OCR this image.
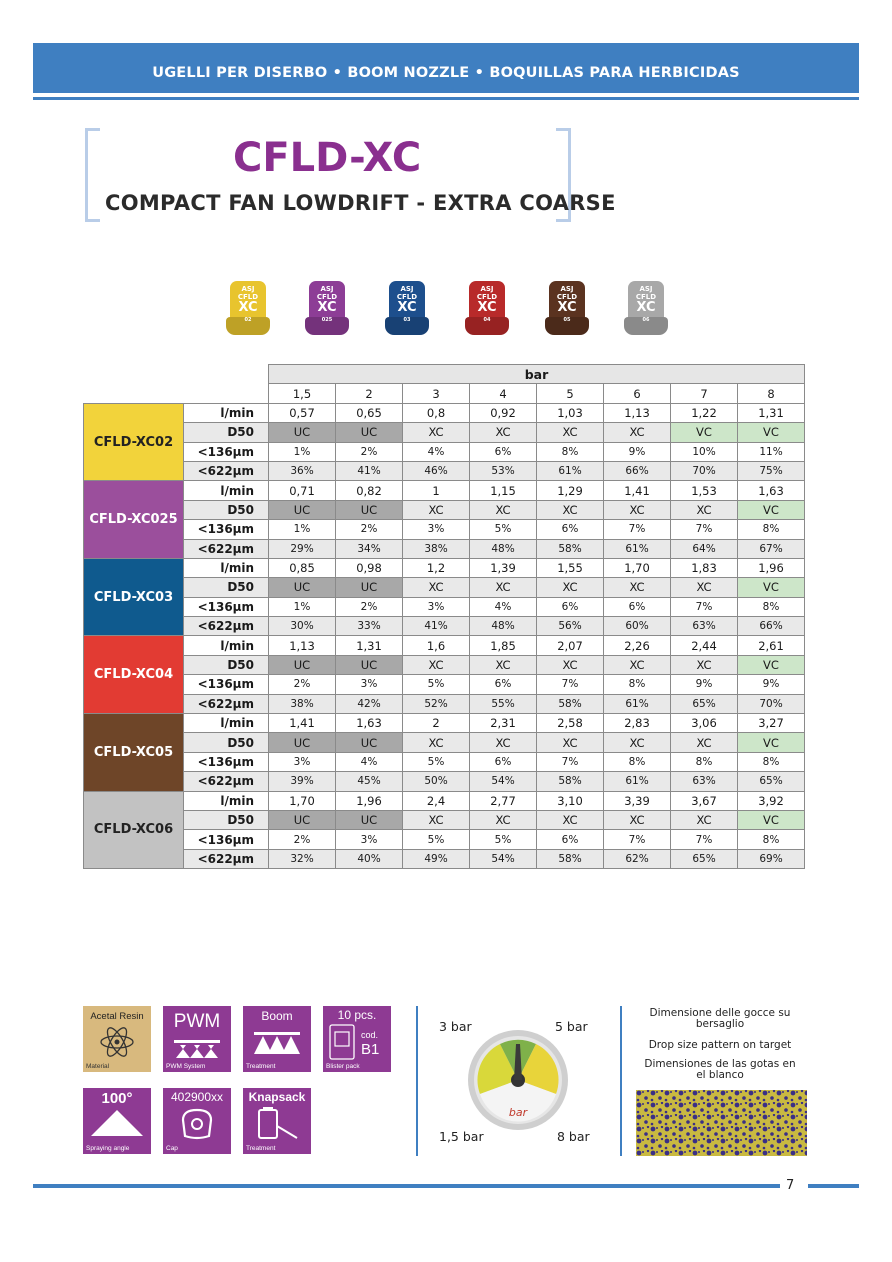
UGELLI PER DISERBO • BOOM NOZZLE • BOQUILLAS PARA HERBICIDAS
CFLD-XC
COMPACT FAN LOWDRIFT - EXTRA COARSE
ASJ
CFLD
XC
02
ASJ
CFLD
XC
025
ASJ
CFLD
XC
03
ASJ
CFLD
XC
04
ASJ
CFLD
XC
05
ASJ
CFLD
XC
06
		bar							
		1,5	2	3	4	5	6	7	8
CFLD-XC02	l/min	0,57	0,65	0,8	0,92	1,03	1,13	1,22	1,31
	D50	UC	UC	XC	XC	XC	XC	VC	VC
	<136µm	1%	2%	4%	6%	8%	9%	10%	11%
	<622µm	36%	41%	46%	53%	61%	66%	70%	75%
CFLD-XC025	l/min	0,71	0,82	1	1,15	1,29	1,41	1,53	1,63
	D50	UC	UC	XC	XC	XC	XC	XC	VC
	<136µm	1%	2%	3%	5%	6%	7%	7%	8%
	<622µm	29%	34%	38%	48%	58%	61%	64%	67%
CFLD-XC03	l/min	0,85	0,98	1,2	1,39	1,55	1,70	1,83	1,96
	D50	UC	UC	XC	XC	XC	XC	XC	VC
	<136µm	1%	2%	3%	4%	6%	6%	7%	8%
	<622µm	30%	33%	41%	48%	56%	60%	63%	66%
CFLD-XC04	l/min	1,13	1,31	1,6	1,85	2,07	2,26	2,44	2,61
	D50	UC	UC	XC	XC	XC	XC	XC	VC
	<136µm	2%	3%	5%	6%	7%	8%	9%	9%
	<622µm	38%	42%	52%	55%	58%	61%	65%	70%
CFLD-XC05	l/min	1,41	1,63	2	2,31	2,58	2,83	3,06	3,27
	D50	UC	UC	XC	XC	XC	XC	XC	VC
	<136µm	3%	4%	5%	6%	7%	8%	8%	8%
	<622µm	39%	45%	50%	54%	58%	61%	63%	65%
CFLD-XC06	l/min	1,70	1,96	2,4	2,77	3,10	3,39	3,67	3,92
	D50	UC	UC	XC	XC	XC	XC	XC	VC
	<136µm	2%	3%	5%	5%	6%	7%	7%	8%
	<622µm	32%	40%	49%	54%	58%	62%	65%	69%
Acetal Resin
Material
PWM
PWM System
Boom
Treatment
10 pcs.
cod.
B1
Blister pack
100°
Spraying angle
402900xx
Cap
Knapsack
Treatment
3 bar	5 bar
1,5 bar	8 bar
bar
Dimensione delle gocce su bersaglio
Drop size pattern on target
Dimensiones de las gotas en el blanco
7
